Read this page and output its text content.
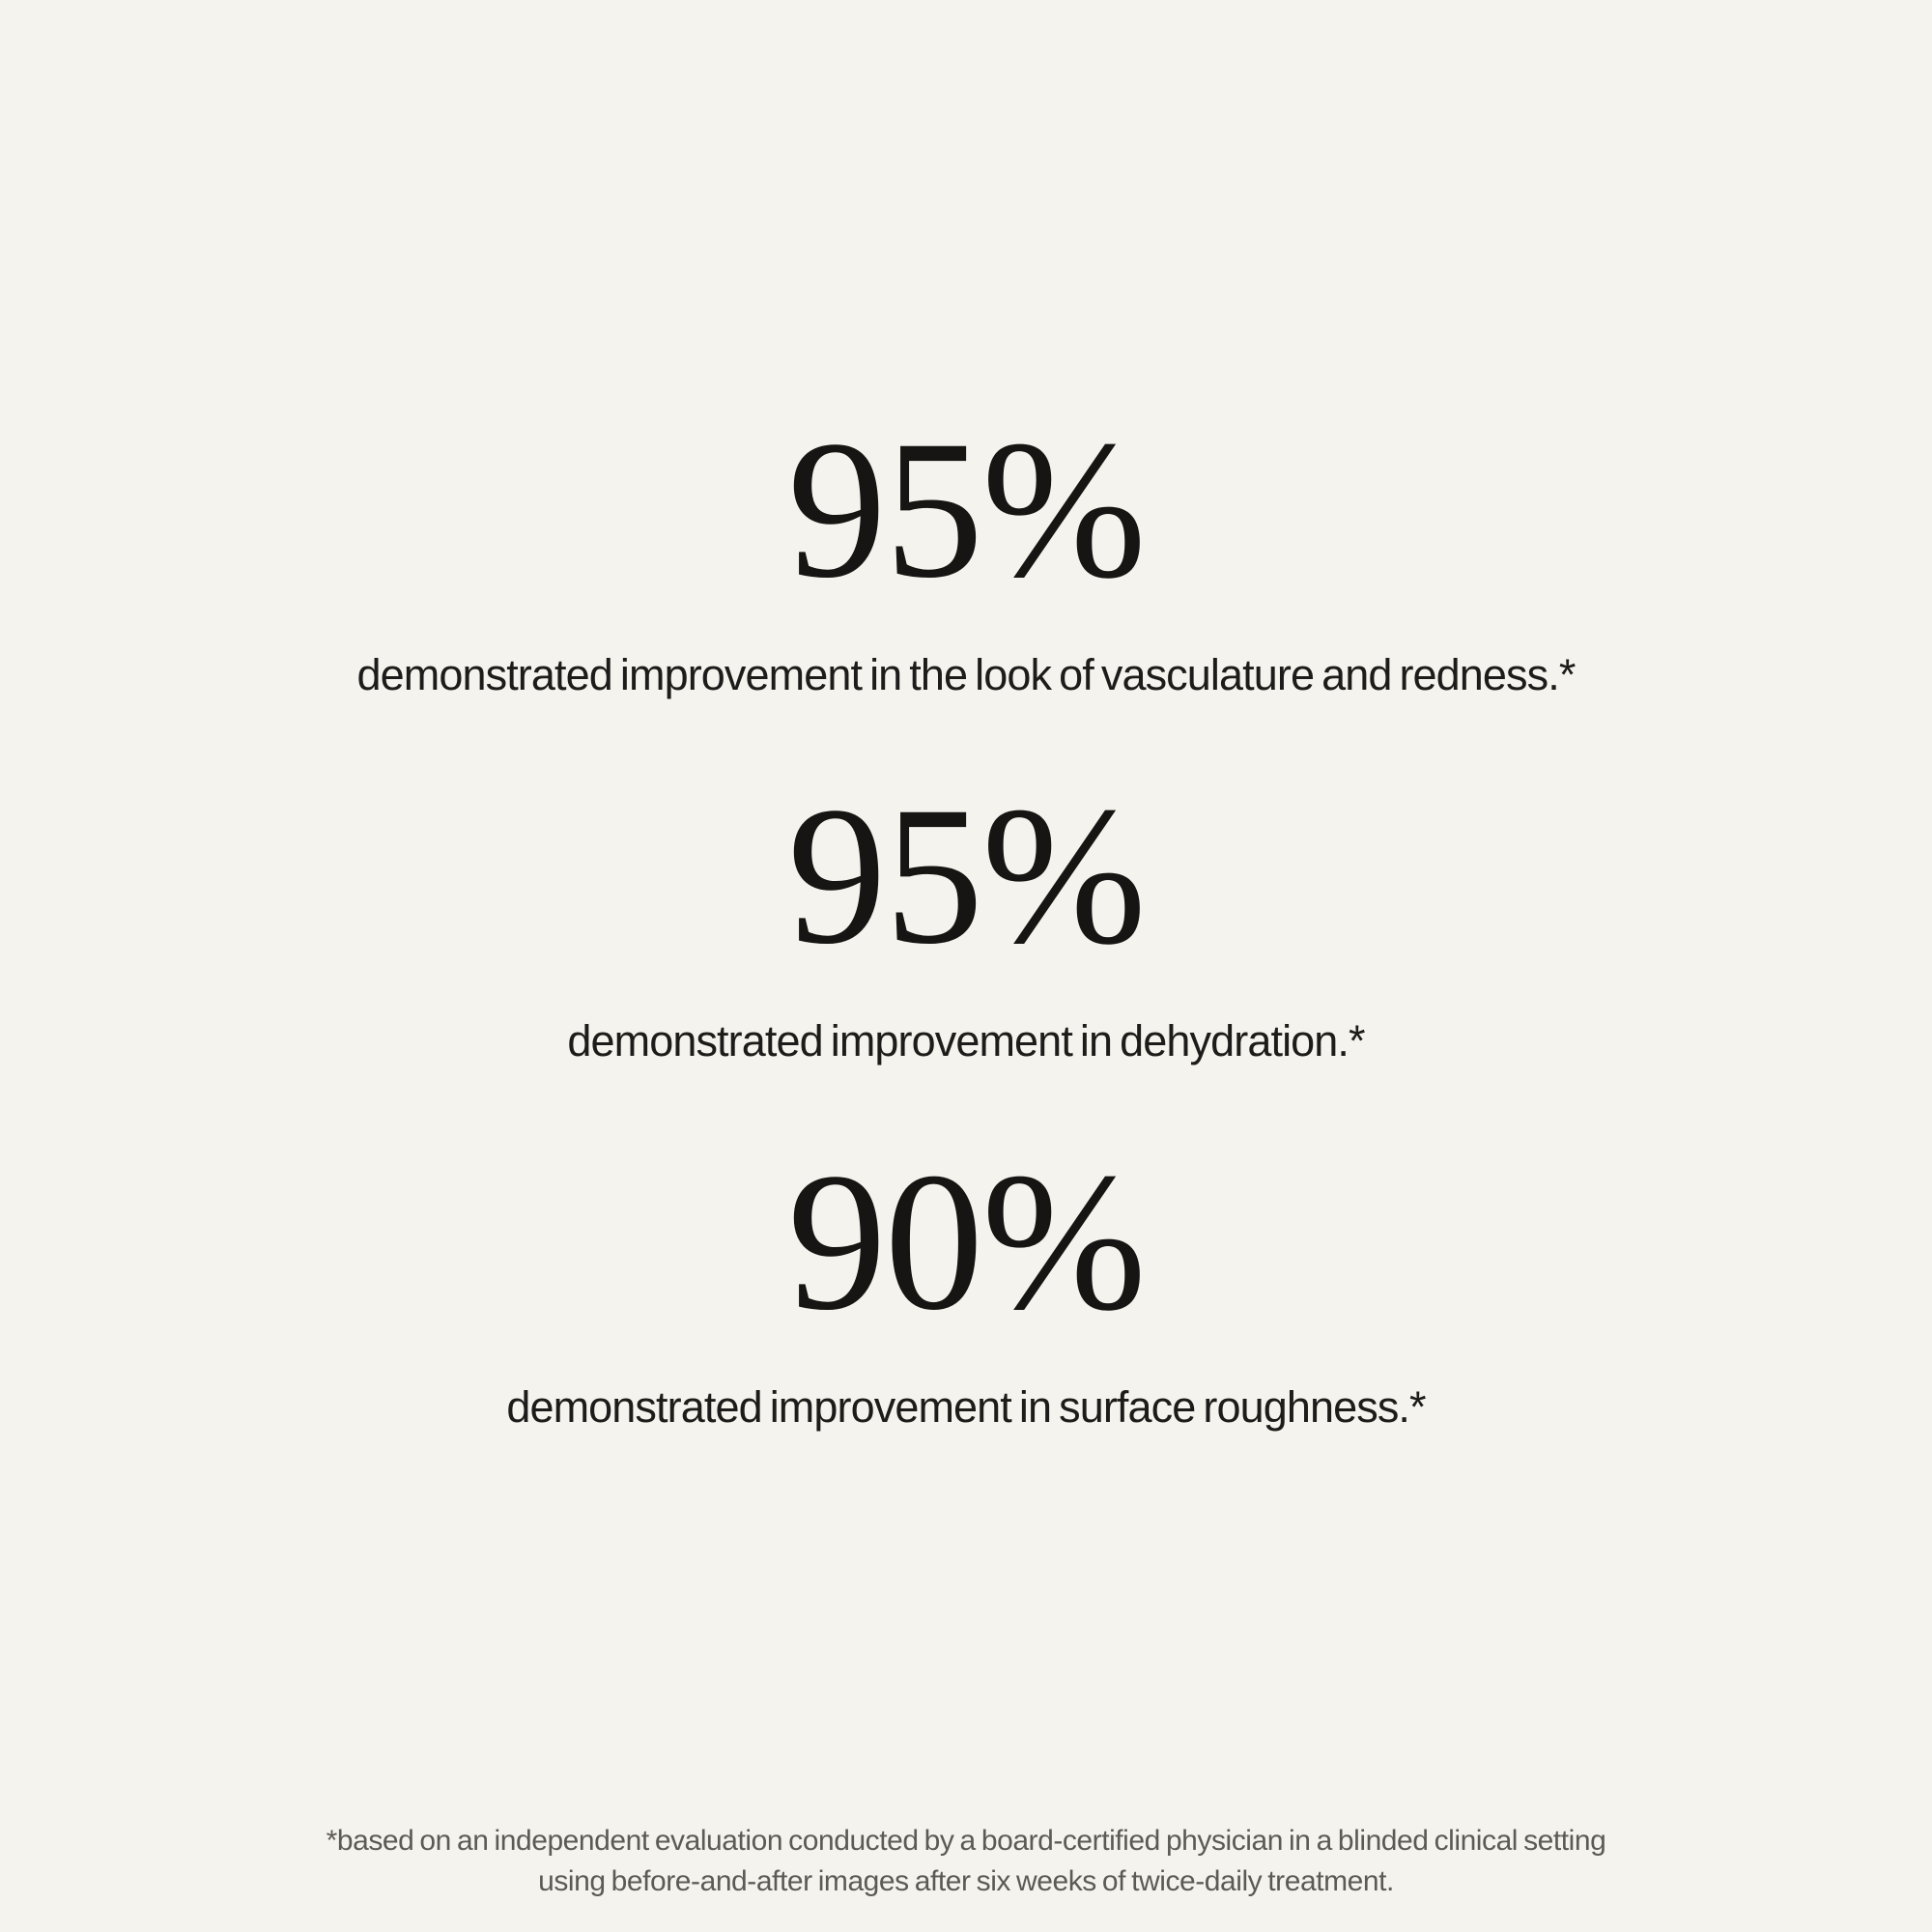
95%

demonstrated improvement in the look of vasculature and redness.*

95%

demonstrated improvement in dehydration.*

90%

demonstrated improvement in surface roughness.*

*based on an independent evaluation conducted by a board-certified physician in a blinded clinical setting using before-and-after images after six weeks of twice-daily treatment.
